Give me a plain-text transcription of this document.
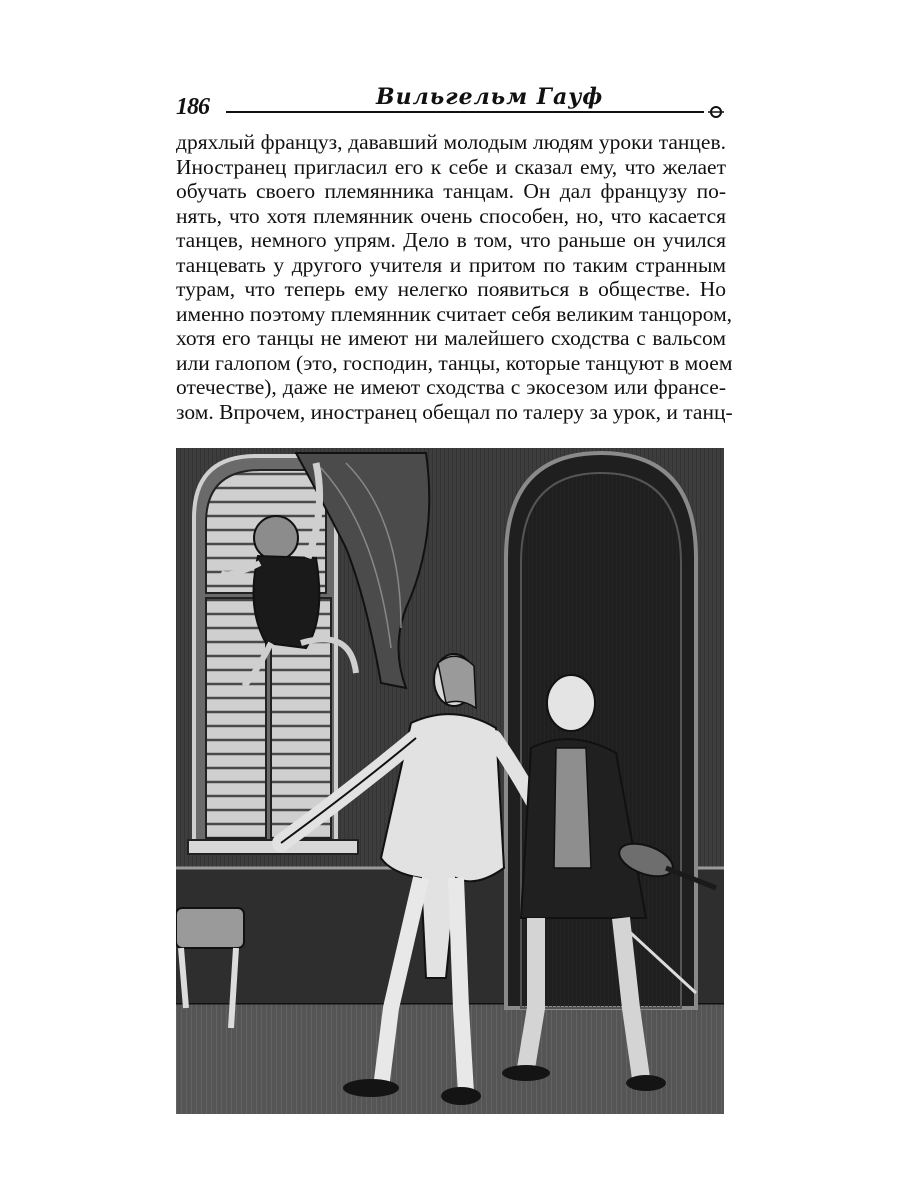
186	Вильгельм Гауф
дряхлый француз, дававший молодым людям уроки танцев.
Иностранец пригласил его к себе и сказал ему, что желает
обучать своего племянника танцам. Он дал французу по-
нять, что хотя племянник очень способен, но, что касается
танцев, немного упрям. Дело в том, что раньше он учился
танцевать у другого учителя и притом по таким странным
турам, что теперь ему нелегко появиться в обществе. Но
именно поэтому племянник считает себя великим танцором,
хотя его танцы не имеют ни малейшего сходства с вальсом
или галопом (это, господин, танцы, которые танцуют в моем
отечестве), даже не имеют сходства с экосезом или франсе-
зом. Впрочем, иностранец обещал по талеру за урок, и танц-
